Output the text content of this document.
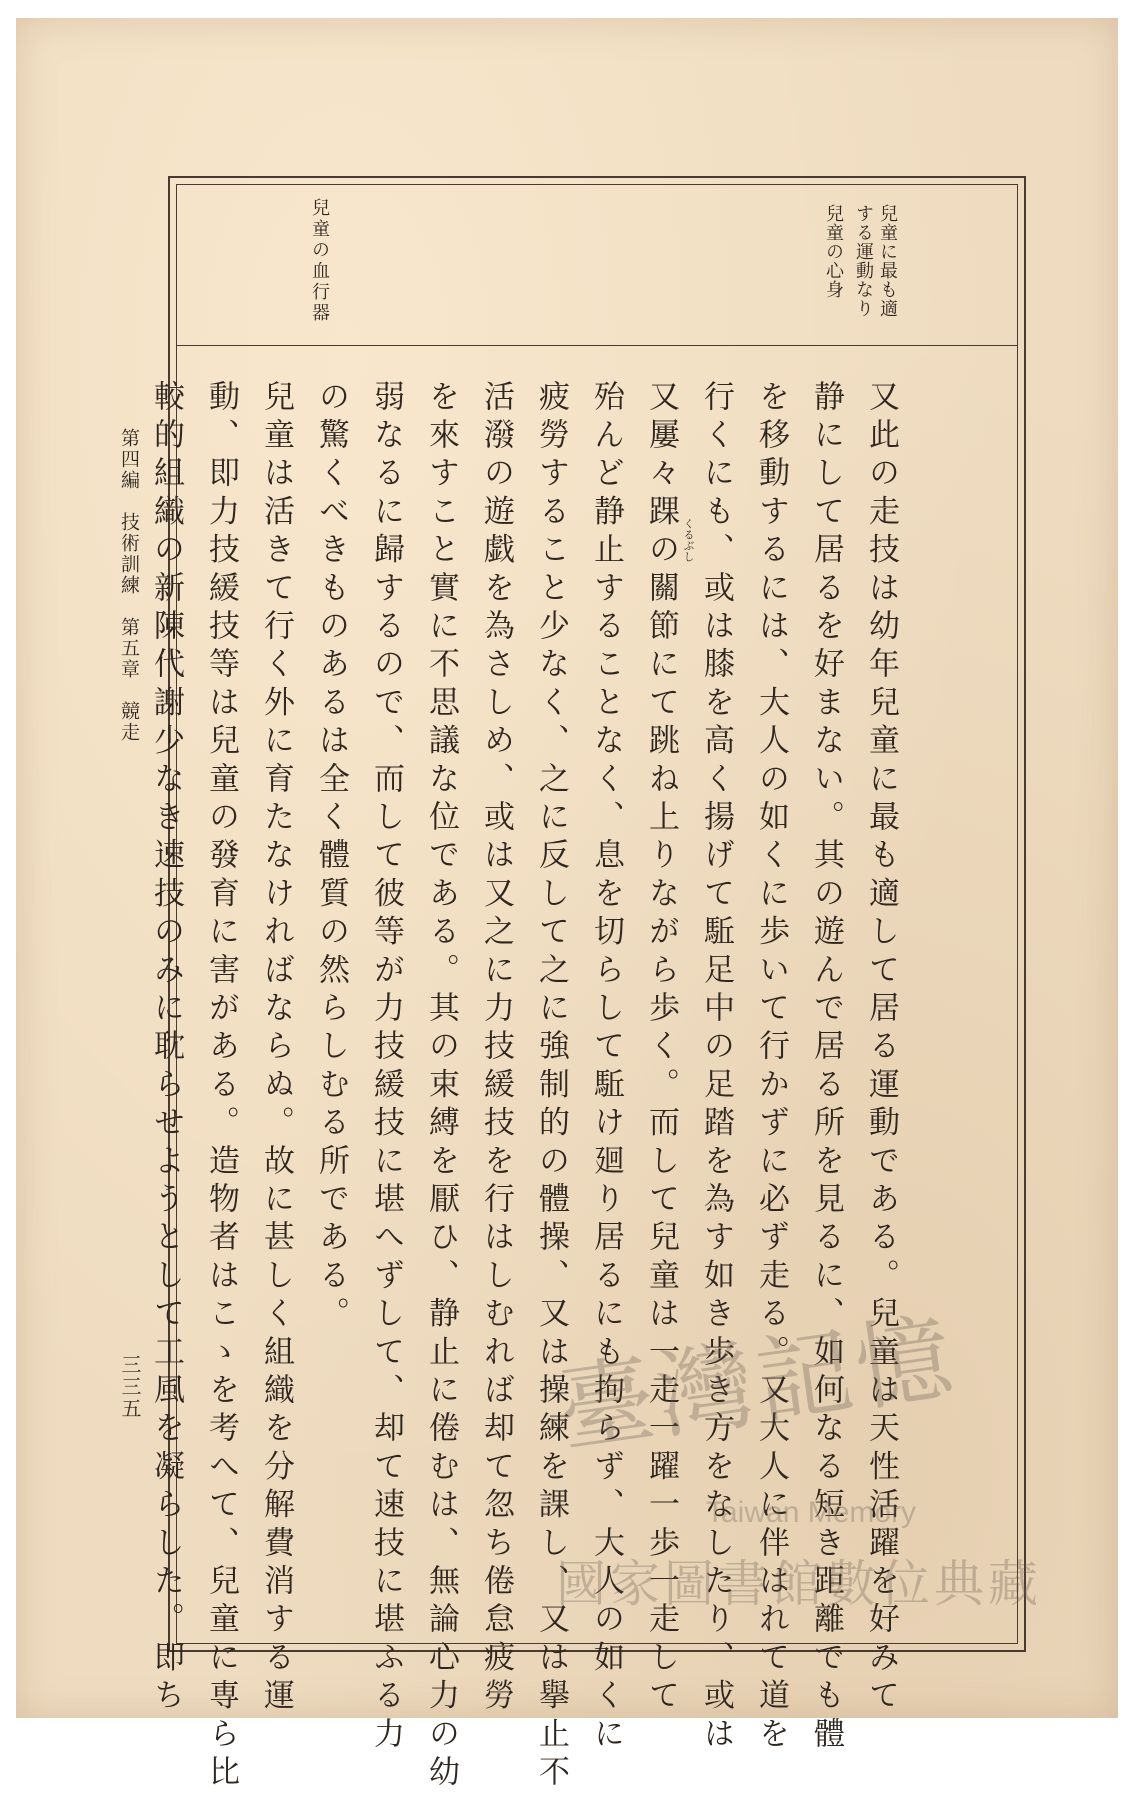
兒童に最も適
する運動なり
兒童の心身
兒童の血行器
又此の走技は幼年兒童に最も適して居る運動である。兒童は天性活躍を好みて
静にして居るを好まない。其の遊んで居る所を見るに、如何なる短き距離でも體
を移動するには、大人の如くに歩いて行かずに必ず走る。又大人に伴はれて道を
行くにも、或は膝を高く揚げて駈足中の足踏を為す如き歩き方をなしたり、或は
又屢々踝の關節にて跳ね上りながら歩く。而して兒童は一走一躍一歩一走して
殆んど静止することなく、息を切らして駈け廻り居るにも拘らず、大人の如くに
疲勞すること少なく、之に反して之に強制的の體操、又は操練を課し、又は擧止不
活潑の遊戯を為さしめ、或は又之に力技緩技を行はしむれば却て忽ち倦怠疲勞
を來すこと實に不思議な位である。其の束縛を厭ひ、静止に倦むは、無論心力の幼
弱なるに歸するので、而して彼等が力技緩技に堪へずして、却て速技に堪ふる力
の驚くべきものあるは全く體質の然らしむる所である。
兒童は活きて行く外に育たなければならぬ。故に甚しく組織を分解費消する運
動、即力技緩技等は兒童の發育に害がある。造物者はこゝを考へて、兒童に専ら比
較的組織の新陳代謝少なき速技のみに耽らせようとして工風を凝らした。即ち	くるぶし
第四編　技術訓練　第五章　競走
三三五	臺灣記憶
Taiwan Memory
國家圖書館數位典藏
